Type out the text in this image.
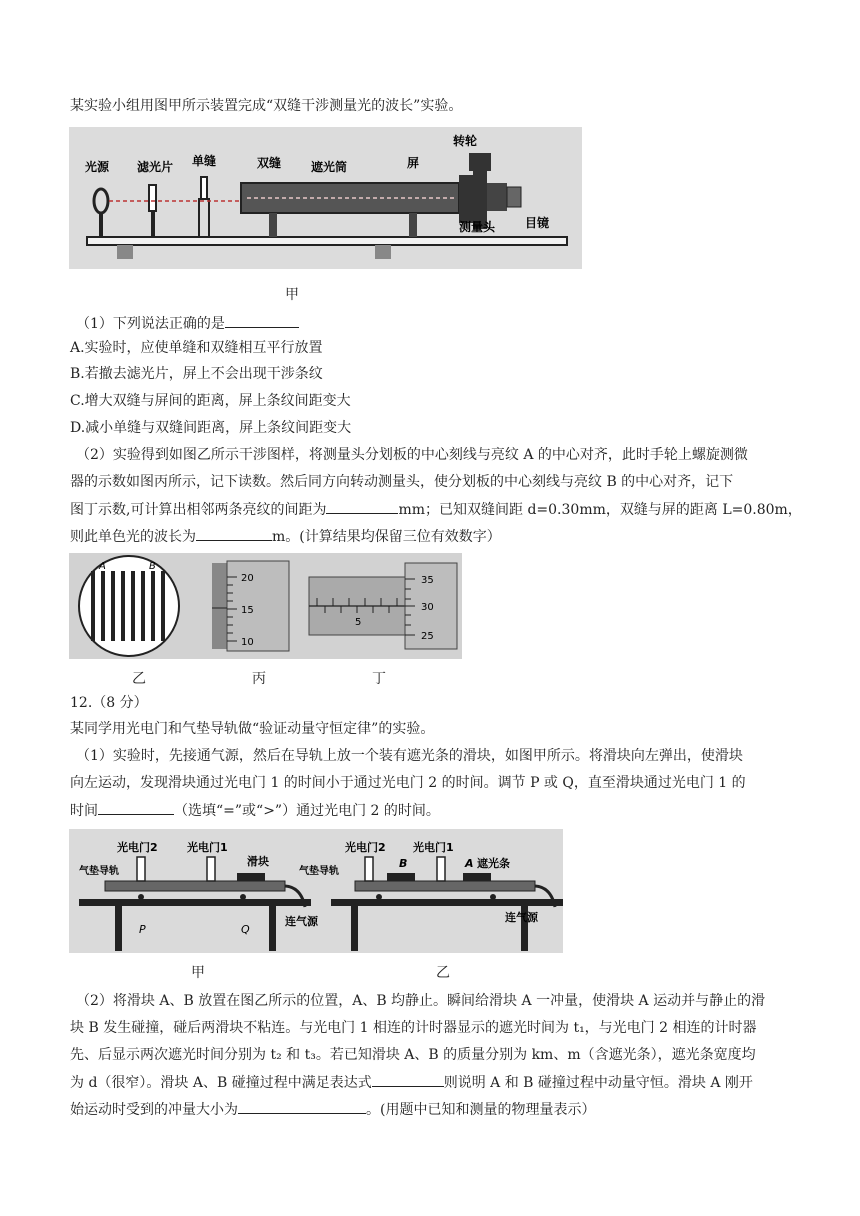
某实验小组用图甲所示装置完成“双缝干涉测量光的波长”实验。
光源 滤光片 单缝	双缝 遮光筒	屏
转轮
目镜
测量头
甲
（1）下列说法正确的是
A.实验时，应使单缝和双缝相互平行放置
B.若撤去滤光片，屏上不会出现干涉条纹
C.增大双缝与屏间的距离，屏上条纹间距变大
D.减小单缝与双缝间距离，屏上条纹间距变大
（2）实验得到如图乙所示干涉图样，将测量头分划板的中心刻线与亮纹 A 的中心对齐，此时手轮上螺旋测微
器的示数如图丙所示，记下读数。然后同方向转动测量头，使分划板的中心刻线与亮纹 B 的中心对齐，记下
图丁示数,可计算出相邻两条亮纹的间距为	mm；已知双缝间距 d=0.30mm，双缝与屏的距离 L=0.80m，
则此单色光的波长为	m。(计算结果均保留三位有效数字）
A	B
20
15
10
5
35
30
25
乙	丙	丁
12.（8 分）
某同学用光电门和气垫导轨做“验证动量守恒定律”的实验。
（1）实验时，先接通气源，然后在导轨上放一个装有遮光条的滑块，如图甲所示。将滑块向左弹出，使滑块
向左运动，发现滑块通过光电门 1 的时间小于通过光电门 2 的时间。调节 P 或 Q，直至滑块通过光电门 1 的
时间	（选填“=”或“>”）通过光电门 2 的时间。
光电门2	光电门1
滑块
气垫导轨
连气源
P	Q
光电门2 光电门1
B	A 遮光条
气垫导轨
连气源
甲	乙
（2）将滑块 A、B 放置在图乙所示的位置，A、B 均静止。瞬间给滑块 A 一冲量，使滑块 A 运动并与静止的滑
块 B 发生碰撞，碰后两滑块不粘连。与光电门 1 相连的计时器显示的遮光时间为 t₁，与光电门 2 相连的计时器
先、后显示两次遮光时间分别为 t₂ 和 t₃。若已知滑块 A、B 的质量分别为 km、m（含遮光条），遮光条宽度均
为 d（很窄）。滑块 A、B 碰撞过程中满足表达式	则说明 A 和 B 碰撞过程中动量守恒。滑块 A 刚开
始运动时受到的冲量大小为	。(用题中已知和测量的物理量表示）
